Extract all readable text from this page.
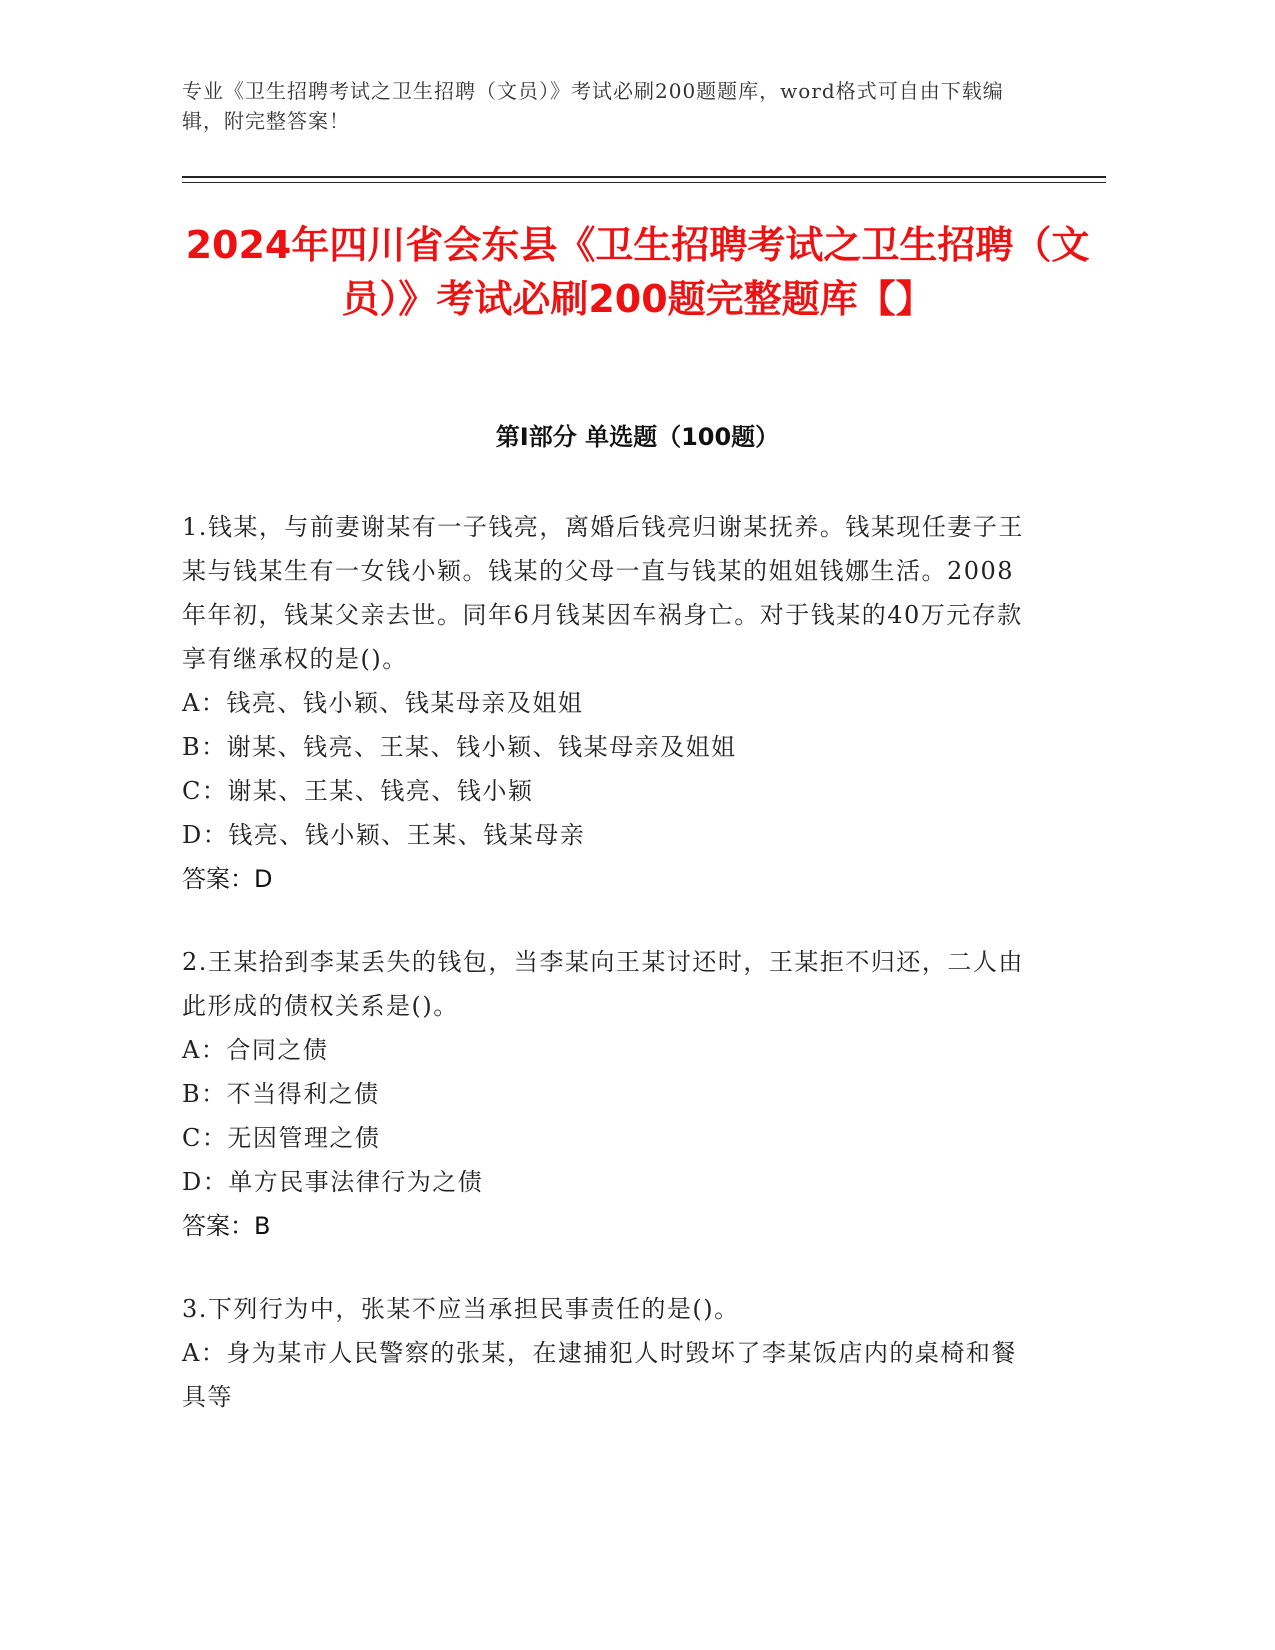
专业《卫生招聘考试之卫生招聘（文员）》考试必刷200题题库，word格式可自由下载编辑，附完整答案！
2024年四川省会东县《卫生招聘考试之卫生招聘（文员）》考试必刷200题完整题库【】
第Ⅰ部分 单选题（100题）

1.钱某，与前妻谢某有一子钱亮，离婚后钱亮归谢某抚养。钱某现任妻子王某与钱某生有一女钱小颖。钱某的父母一直与钱某的姐姐钱娜生活。2008年年初，钱某父亲去世。同年6月钱某因车祸身亡。对于钱某的40万元存款享有继承权的是()。

A：钱亮、钱小颖、钱某母亲及姐姐

B：谢某、钱亮、王某、钱小颖、钱某母亲及姐姐

C：谢某、王某、钱亮、钱小颖

D：钱亮、钱小颖、王某、钱某母亲

答案：D

2.王某拾到李某丢失的钱包，当李某向王某讨还时，王某拒不归还，二人由此形成的债权关系是()。

A：合同之债

B：不当得利之债

C：无因管理之债

D：单方民事法律行为之债

答案：B

3.下列行为中，张某不应当承担民事责任的是()。

A：身为某市人民警察的张某，在逮捕犯人时毁坏了李某饭店内的桌椅和餐具等
